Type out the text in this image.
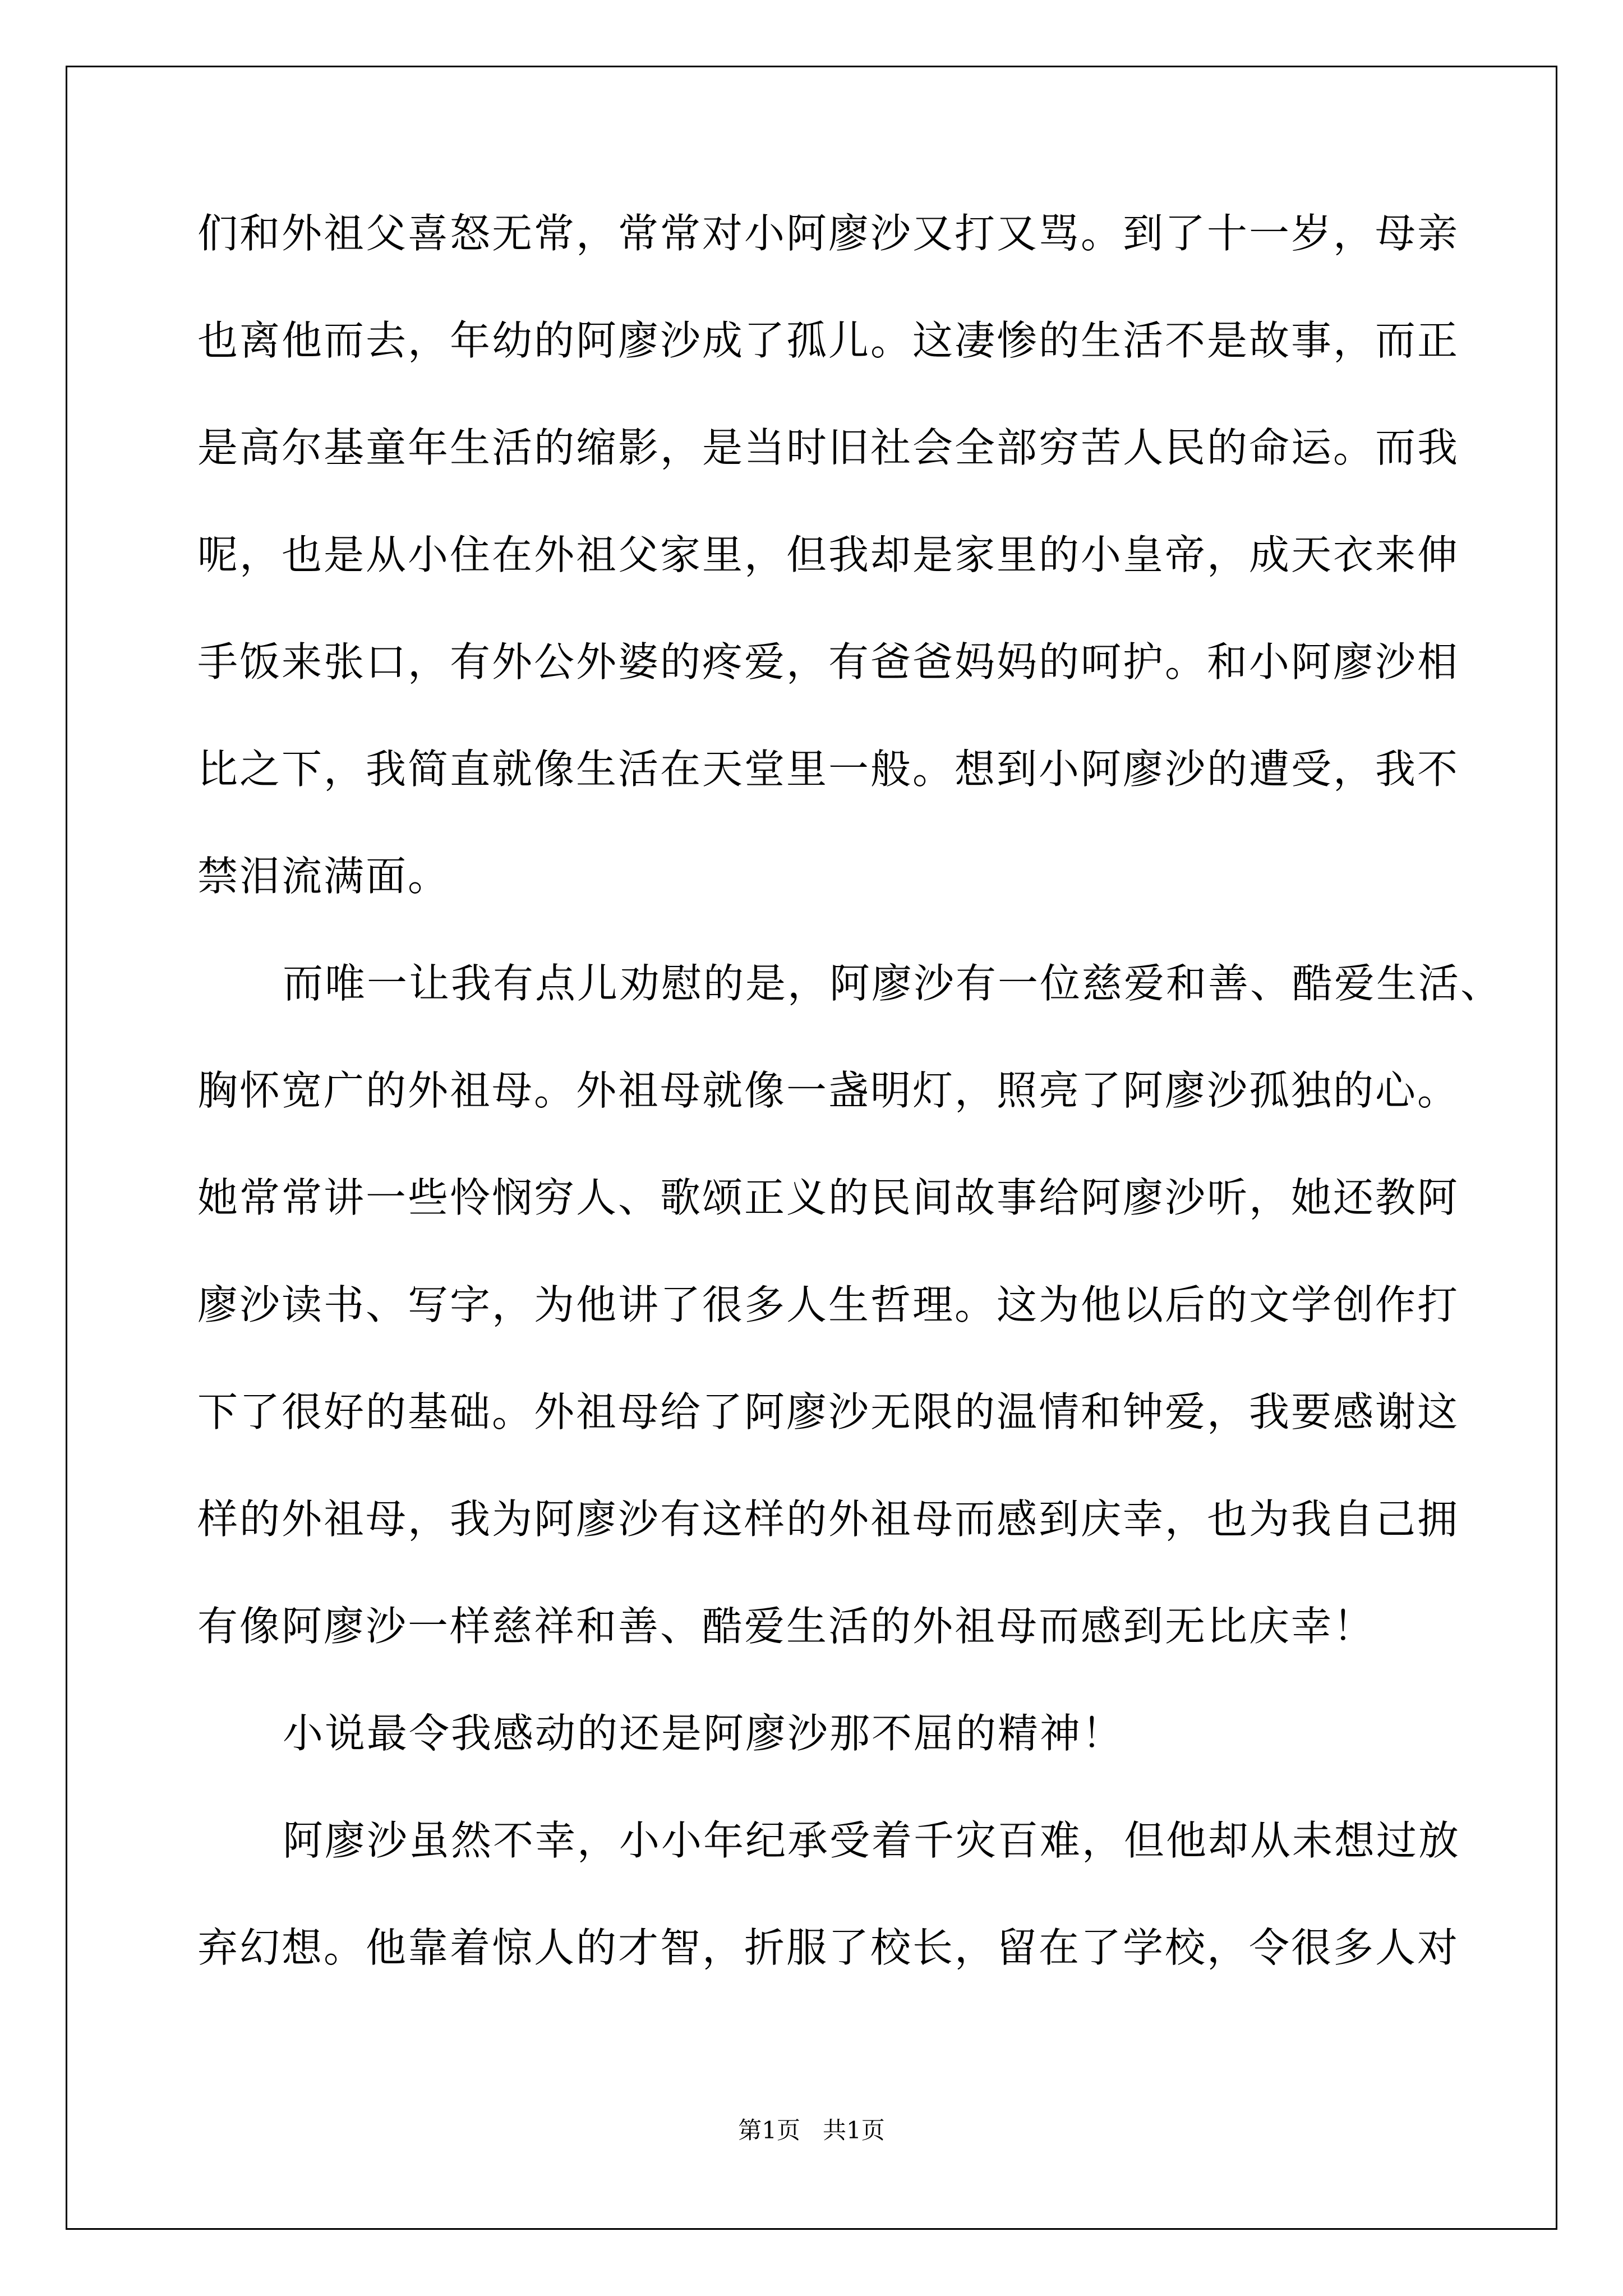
们和外祖父喜怒无常，常常对小阿廖沙又打又骂。到了十一岁，母亲
也离他而去，年幼的阿廖沙成了孤儿。这凄惨的生活不是故事，而正
是高尔基童年生活的缩影，是当时旧社会全部穷苦人民的命运。而我
呢，也是从小住在外祖父家里，但我却是家里的小皇帝，成天衣来伸
手饭来张口，有外公外婆的疼爱，有爸爸妈妈的呵护。和小阿廖沙相
比之下，我简直就像生活在天堂里一般。想到小阿廖沙的遭受，我不
禁泪流满面。
而唯一让我有点儿劝慰的是，阿廖沙有一位慈爱和善、酷爱生活、
胸怀宽广的外祖母。外祖母就像一盏明灯，照亮了阿廖沙孤独的心。
她常常讲一些怜悯穷人、歌颂正义的民间故事给阿廖沙听，她还教阿
廖沙读书、写字，为他讲了很多人生哲理。这为他以后的文学创作打
下了很好的基础。外祖母给了阿廖沙无限的温情和钟爱，我要感谢这
样的外祖母，我为阿廖沙有这样的外祖母而感到庆幸，也为我自己拥
有像阿廖沙一样慈祥和善、酷爱生活的外祖母而感到无比庆幸！
小说最令我感动的还是阿廖沙那不屈的精神！
阿廖沙虽然不幸，小小年纪承受着千灾百难，但他却从未想过放
弃幻想。他靠着惊人的才智，折服了校长，留在了学校，令很多人对
第1页   共1页
